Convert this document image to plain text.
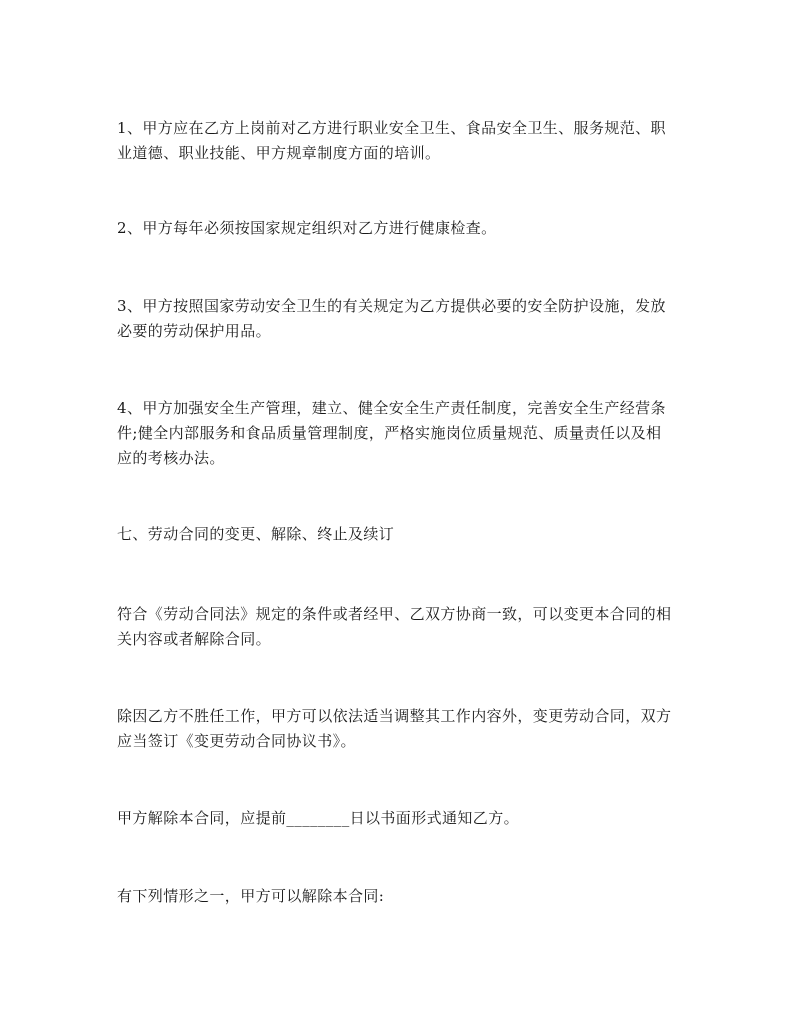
1、甲方应在乙方上岗前对乙方进行职业安全卫生、食品安全卫生、服务规范、职
业道德、职业技能、甲方规章制度方面的培训。

2、甲方每年必须按国家规定组织对乙方进行健康检查。

3、甲方按照国家劳动安全卫生的有关规定为乙方提供必要的安全防护设施，发放
必要的劳动保护用品。

4、甲方加强安全生产管理，建立、健全安全生产责任制度，完善安全生产经营条
件;健全内部服务和食品质量管理制度，严格实施岗位质量规范、质量责任以及相
应的考核办法。

七、劳动合同的变更、解除、终止及续订

符合《劳动合同法》规定的条件或者经甲、乙双方协商一致，可以变更本合同的相
关内容或者解除合同。

除因乙方不胜任工作，甲方可以依法适当调整其工作内容外，变更劳动合同，双方
应当签订《变更劳动合同协议书》。

甲方解除本合同，应提前________日以书面形式通知乙方。

有下列情形之一，甲方可以解除本合同:
